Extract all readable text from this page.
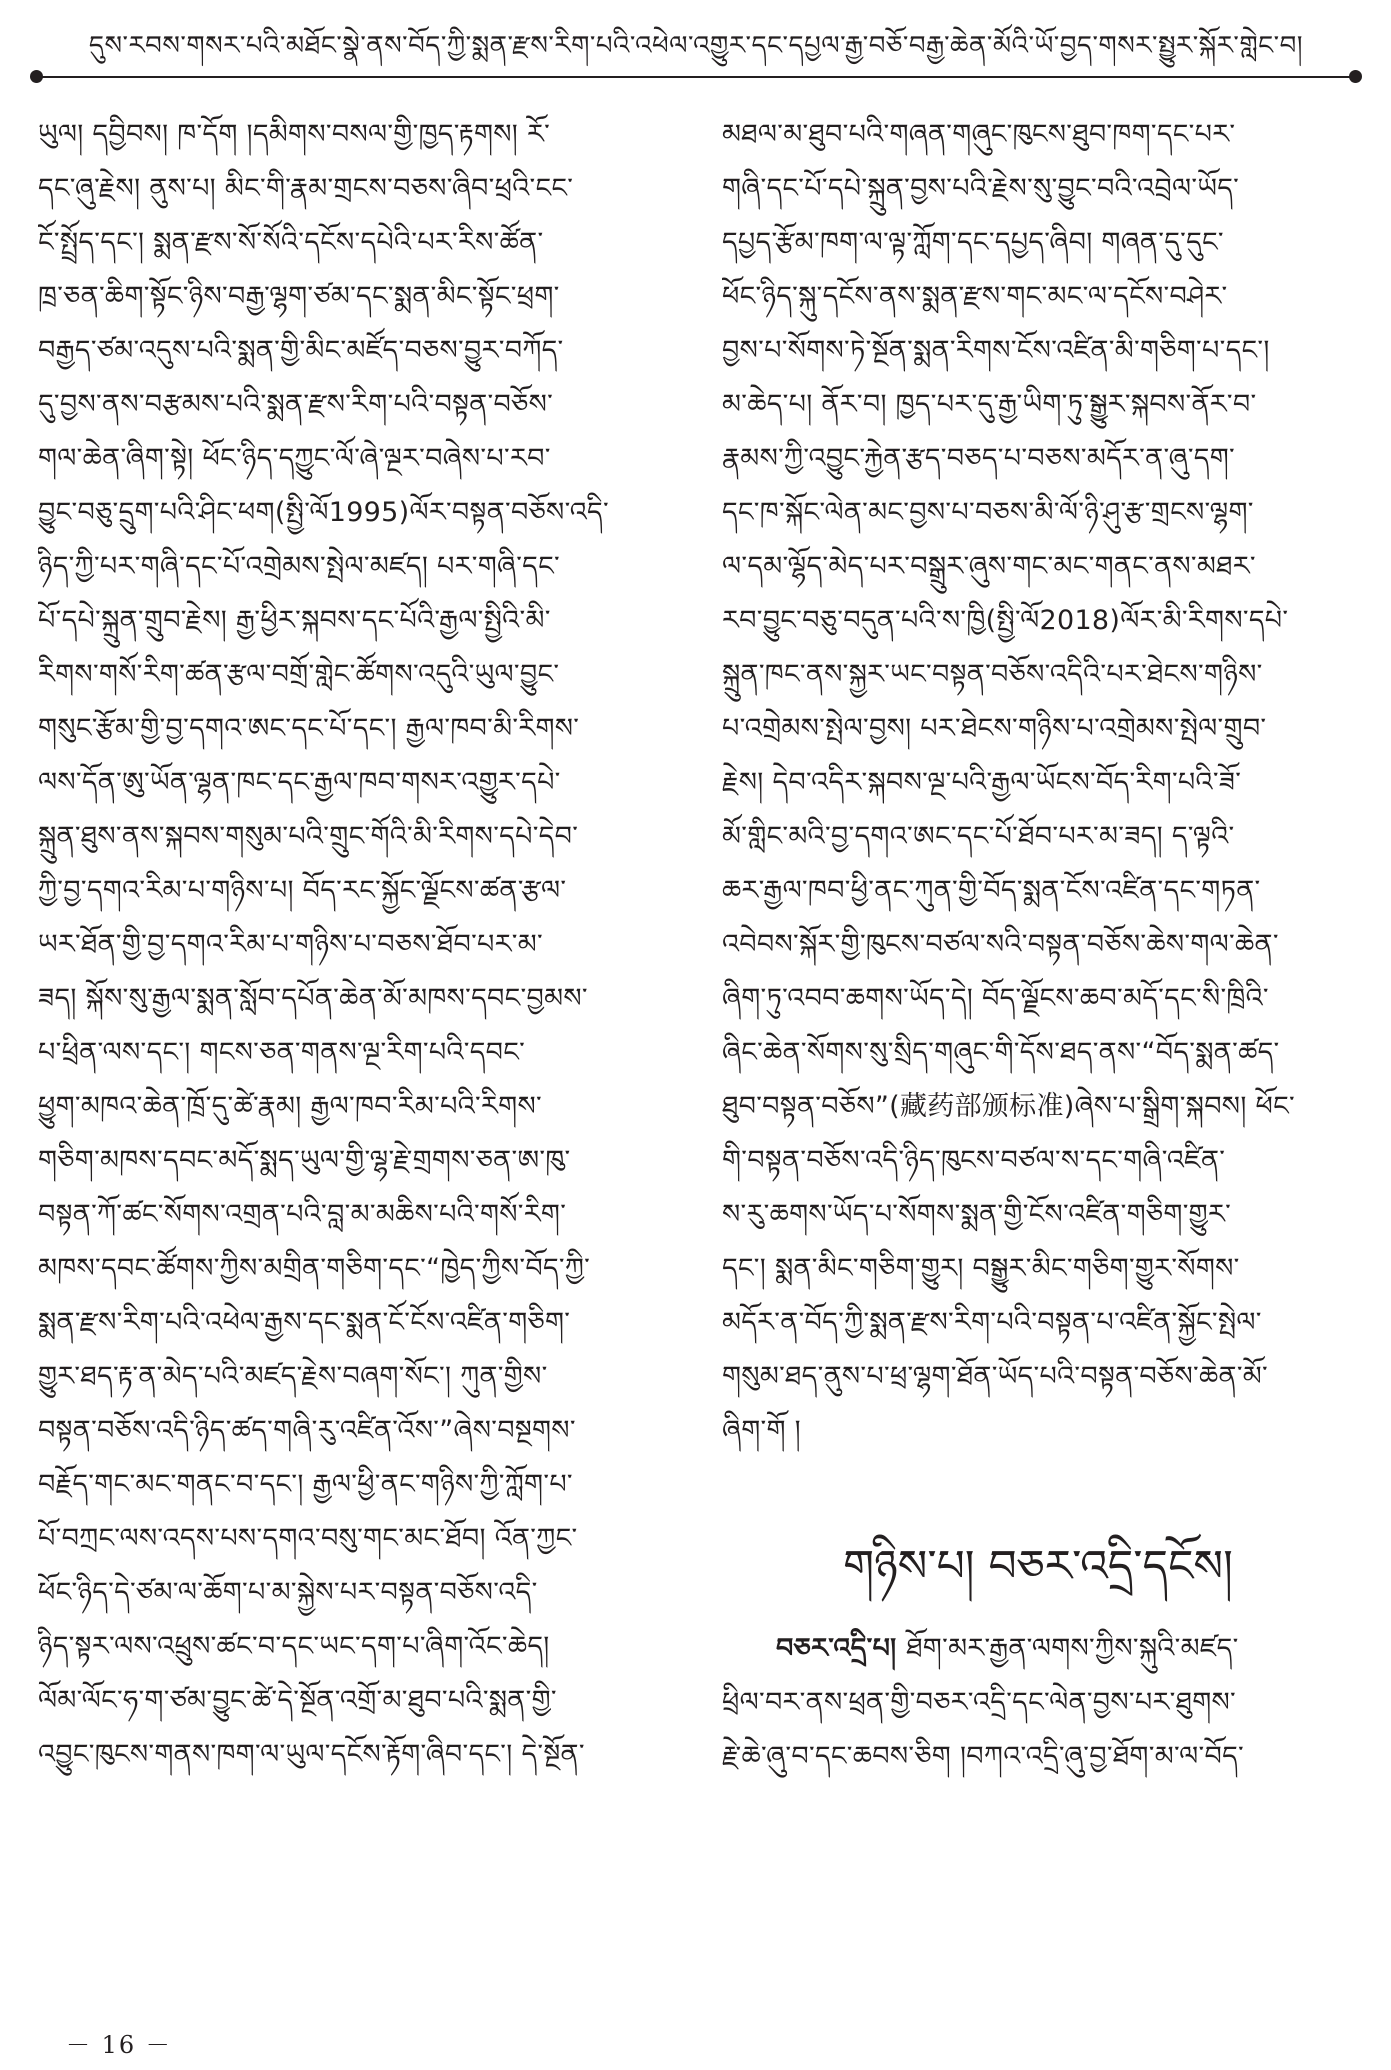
དུས་རབས་གསར་པའི་མཐོང་སྣེ་ནས་བོད་ཀྱི་སྨན་རྫས་རིག་པའི་འཕེལ་འགྱུར་དང་དཔྱལ་རྒྱ་བཅོ་བརྒྱ་ཆེན་མོའི་ཡོ་བྱད་གསར་སྤྱུར་སྐོར་གླེང་བ།
ཡུལ། དབྱིབས། ཁ་དོག །དམིགས་བསལ་གྱི་ཁྱད་རྟགས། རོ་
དང་ཞུ་རྗེས། ནུས་པ། མིང་གི་རྣམ་གྲངས་བཅས་ཞིབ་ཕྲའི་ངང་
ངོ་སྤྲོད་དང་། སྨན་རྫས་སོ་སོའི་དངོས་དཔེའི་པར་རིས་ཚོན་
ཁྲ་ཅན་ཆིག་སྟོང་ཉིས་བརྒྱ་ལྷག་ཙམ་དང་སྨན་མིང་སྟོང་ཕྲག་
བརྒྱད་ཙམ་འདུས་པའི་སྨན་གྱི་མིང་མཛོད་བཅས་བྱུར་བཀོད་
དུ་བྱས་ནས་བརྩམས་པའི་སྨན་རྫས་རིག་པའི་བསྟན་བཅོས་
གལ་ཆེན་ཞིག་སྟེ། ཕོང་ཉིད་དཀྱུང་ལོ་ཞེ་ལྔར་བཞེས་པ་རབ་
བྱུང་བཅུ་དྲུག་པའི་ཤིང་ཕག(སྤྱི་ལོ1995)ལོར་བསྟན་བཅོས་འདི་
ཉིད་ཀྱི་པར་གཞི་དང་པོ་འགྲེམས་སྤེལ་མཛད། པར་གཞི་དང་
པོ་དཔེ་སྐྲུན་གྲུབ་རྗེས། རྒྱ་ཕྱིར་སྐབས་དང་པོའི་རྒྱལ་སྤྱིའི་མི་
རིགས་གསོ་རིག་ཚན་རྩལ་བགྲོ་གླེང་ཚོགས་འདུའི་ཡུལ་བྱུང་
གསུང་རྩོམ་གྱི་བྱ་དགའ་ཨང་དང་པོ་དང་། རྒྱལ་ཁབ་མི་རིགས་
ལས་དོན་ཨུ་ཡོན་ལྷན་ཁང་དང་རྒྱལ་ཁབ་གསར་འགྱུར་དཔེ་
སྐྲུན་ཐུས་ནས་སྐབས་གསུམ་པའི་གྲུང་གོའི་མི་རིགས་དཔེ་དེབ་
ཀྱི་བྱ་དགའ་རིམ་པ་གཉིས་པ། བོད་རང་སྐྱོང་ལྗོངས་ཚན་རྩལ་
ཡར་ཐོན་གྱི་བྱ་དགའ་རིམ་པ་གཉིས་པ་བཅས་ཐོབ་པར་མ་
ཟད། སྐོས་སུ་རྒྱལ་སྨན་སློབ་དཔོན་ཆེན་མོ་མཁས་དབང་བྱམས་
པ་ཕྲིན་ལས་དང་། གངས་ཅན་གནས་ལྔ་རིག་པའི་དབང་
ཕྱུག་མཁའ་ཆེན་ཁྲོ་དུ་ཚེ་རྣམ། རྒྱལ་ཁབ་རིམ་པའི་རིགས་
གཅིག་མཁས་དབང་མདོ་སྨད་ཡུལ་གྱི་ལྷ་རྗེ་གྲགས་ཅན་ཨ་ཁུ་
བསྟན་ཀོ་ཚང་སོགས་འགྲན་པའི་བླ་མ་མཆིས་པའི་གསོ་རིག་
མཁས་དབང་ཚོགས་ཀྱིས་མགྲིན་གཅིག་དང་“ཁྱེད་ཀྱིས་བོད་ཀྱི་
སྨན་རྫས་རིག་པའི་འཕེལ་རྒྱས་དང་སྨན་ངོ་ངོས་འཛིན་གཅིག་
གྱུར་ཐད་རྟ་ན་མེད་པའི་མཛད་རྗེས་བཞག་སོང་། ཀུན་གྱིས་
བསྟན་བཅོས་འདི་ཉིད་ཚད་གཞི་རུ་འཛིན་འོས་”ཞེས་བསྔགས་
བརྗོད་གང་མང་གནང་བ་དང་། རྒྱལ་ཕྱི་ནང་གཉིས་ཀྱི་ཀློག་པ་
པོ་བཀྲང་ལས་འདས་པས་དགའ་བསུ་གང་མང་ཐོབ། འོན་ཀྱང་
ཕོང་ཉིད་དེ་ཙམ་ལ་ཆོག་པ་མ་སྐྱེས་པར་བསྟན་བཅོས་འདི་
ཉིད་སྟར་ལས་འཕྲུས་ཚང་བ་དང་ཡང་དག་པ་ཞིག་འོང་ཆེད།
ལོམ་ལོང་ཧ་ག་ཙམ་བྱུང་ཚེ་དེ་སྔོན་འགྲོ་མ་ཐུབ་པའི་སྨན་གྱི་
འབྱུང་ཁུངས་གནས་ཁག་ལ་ཡུལ་དངོས་རྟོག་ཞིབ་དང་། དེ་སྔོན་
མཐལ་མ་ཐུབ་པའི་གཞན་གཞུང་ཁུངས་ཐུབ་ཁག་དང་པར་
གཞི་དང་པོ་དཔེ་སྐྲུན་བྱས་པའི་རྗེས་སུ་བྱུང་བའི་འབྲེལ་ཡོད་
དཔྱད་རྩོམ་ཁག་ལ་ལྟ་ཀློག་དང་དཔྱད་ཞིབ། གཞན་དུ་དུང་
ཕོང་ཉིད་སྐུ་དངོས་ནས་སྨན་རྫས་གང་མང་ལ་དངོས་བཤེར་
བྱས་པ་སོགས་ཏེ་སྔོན་སྨན་རིགས་ངོས་འཛིན་མི་གཅིག་པ་དང་།
མ་ཆེད་པ། ནོར་བ། ཁྱད་པར་དུ་རྒྱ་ཡིག་ཏུ་སྒྱུར་སྐབས་ནོར་བ་
རྣམས་ཀྱི་འབྱུང་རྐྱེན་རྩད་བཅད་པ་བཅས་མདོར་ན་ཞུ་དག་
དང་ཁ་སྐོང་ལེན་མང་བྱས་པ་བཅས་མི་ལོ་ཉི་ཤུ་རྩ་གྲངས་ལྷག་
ལ་དམ་ལྷོད་མེད་པར་བསྒྲུར་ཞུས་གང་མང་གནང་ནས་མཐར་
རབ་བྱུང་བཅུ་བདུན་པའི་ས་ཁྱི(སྤྱི་ལོ2018)ལོར་མི་རིགས་དཔེ་
སྐྲུན་ཁང་ནས་སྐྱར་ཡང་བསྟན་བཅོས་འདིའི་པར་ཐེངས་གཉིས་
པ་འགྲེམས་སྤེལ་བྱས། པར་ཐེངས་གཉིས་པ་འགྲེམས་སྤེལ་གྲུབ་
རྗེས། དེབ་འདིར་སྐབས་ལྔ་པའི་རྒྱལ་ཡོངས་བོད་རིག་པའི་ཟོ་
མོ་གླིང་མའི་བྱ་དགའ་ཨང་དང་པོ་ཐོབ་པར་མ་ཟད། ད་ལྟའི་
ཆར་རྒྱལ་ཁབ་ཕྱི་ནང་ཀུན་གྱི་བོད་སྨན་ངོས་འཛིན་དང་གཏན་
འབེབས་སྐོར་གྱི་ཁུངས་བཙལ་སའི་བསྟན་བཅོས་ཆེས་གལ་ཆེན་
ཞིག་ཏུ་འབབ་ཆགས་ཡོད་དེ། བོད་ལྗོངས་ཆབ་མདོ་དང་སི་ཁྲིའི་
ཞིང་ཆེན་སོགས་སུ་སྲིད་གཞུང་གི་དོས་ཐད་ནས་“བོད་སྨན་ཚད་
ཐུབ་བསྟན་བཅོས”(藏药部颁标准)ཞེས་པ་སྒྲིག་སྐབས། ཕོང་
གི་བསྟན་བཅོས་འདི་ཉིད་ཁུངས་བཙལ་ས་དང་གཞི་འཛིན་
ས་རུ་ཆགས་ཡོད་པ་སོགས་སྨན་གྱི་ངོས་འཛིན་གཅིག་གྱུར་
དང་། སྨན་མིང་གཅིག་གྱུར། བསྒྱུར་མིང་གཅིག་གྱུར་སོགས་
མདོར་ན་བོད་ཀྱི་སྨན་རྫས་རིག་པའི་བསྟན་པ་འཛིན་སྐྱོང་སྤེལ་
གསུམ་ཐད་ནུས་པ་ཕྲ་ལྷག་ཐོན་ཡོད་པའི་བསྟན་བཅོས་ཆེན་མོ་
ཞིག་གོ །
གཉིས་པ། བཅར་འདྲི་དངོས།
བཅར་འདྲི་པ། ཐོག་མར་རྒྱན་ལགས་ཀྱིས་སྐུའི་མཛད་
ཕྲིལ་བར་ནས་ཕྲན་གྱི་བཅར་འདྲི་དང་ལེན་བྱས་པར་ཐུགས་
རྗེ་ཆེ་ཞུ་བ་དང་ཆབས་ཅིག །བཀའ་འདྲི་ཞུ་བྱ་ཐོག་མ་ལ་བོད་
－ 16 －
